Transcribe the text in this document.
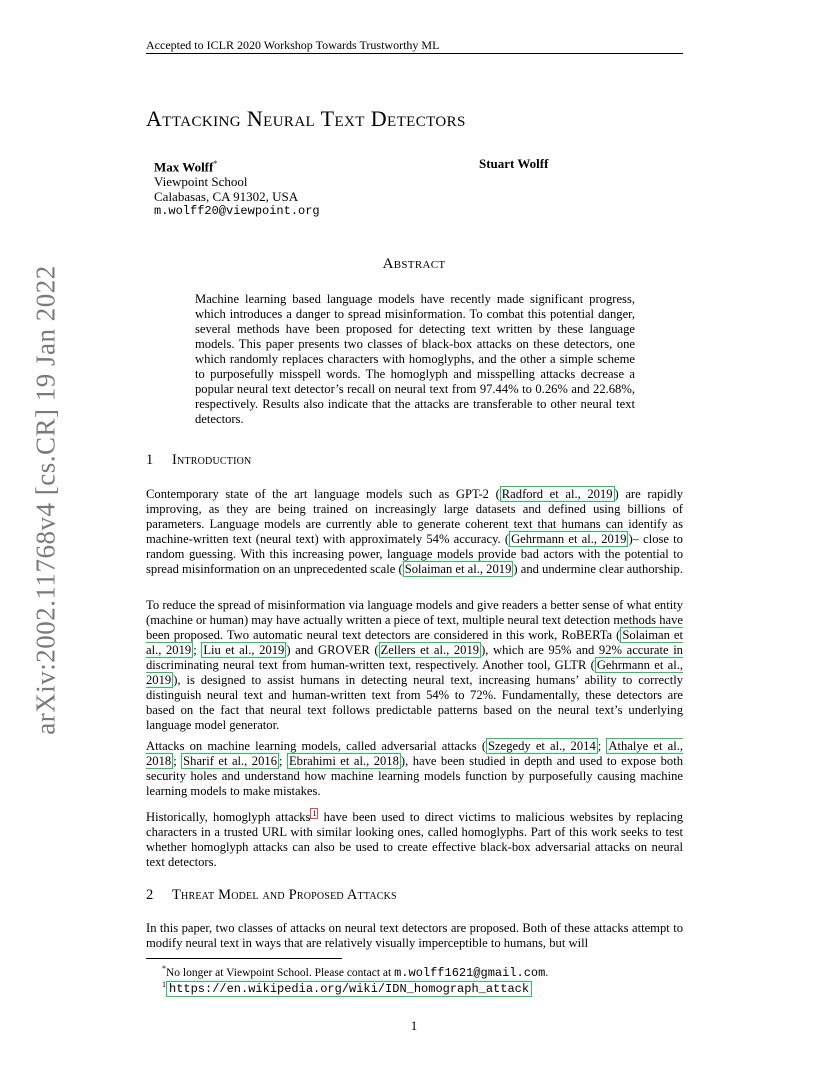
Accepted to ICLR 2020 Workshop Towards Trustworthy ML
arXiv:2002.11768v4 [cs.CR] 19 Jan 2022
Attacking Neural Text Detectors
Max Wolff*
Viewpoint School
Calabasas, CA 91302, USA
m.wolff20@viewpoint.org
Stuart Wolff
Abstract
Machine learning based language models have recently made significant progress, which introduces a danger to spread misinformation. To combat this potential danger, several methods have been proposed for detecting text written by these language models. This paper presents two classes of black-box attacks on these detectors, one which randomly replaces characters with homoglyphs, and the other a simple scheme to purposefully misspell words. The homoglyph and misspelling attacks decrease a popular neural text detector’s recall on neural text from 97.44% to 0.26% and 22.68%, respectively. Results also indicate that the attacks are transferable to other neural text detectors.
1 Introduction

Contemporary state of the art language models such as GPT-2 ( Radford et al., 2019 ) are rapidly improving, as they are being trained on increasingly large datasets and defined using billions of parameters. Language models are currently able to generate coherent text that humans can identify as machine-written text (neural text) with approximately 54% accuracy. ( Gehrmann et al., 2019 )– close to random guessing. With this increasing power, language models provide bad actors with the potential to spread misinformation on an unprecedented scale ( Solaiman et al., 2019 ) and undermine clear authorship.

To reduce the spread of misinformation via language models and give readers a better sense of what entity (machine or human) may have actually written a piece of text, multiple neural text detection methods have been proposed. Two automatic neural text detectors are considered in this work, RoBERTa ( Solaiman et al., 2019 ; Liu et al., 2019 ) and GROVER ( Zellers et al., 2019 ), which are 95% and 92% accurate in discriminating neural text from human-written text, respectively. Another tool, GLTR ( Gehrmann et al., 2019 ), is designed to assist humans in detecting neural text, increasing humans’ ability to correctly distinguish neural text and human-written text from 54% to 72%. Fundamentally, these detectors are based on the fact that neural text follows predictable patterns based on the neural text’s underlying language model generator.

Attacks on machine learning models, called adversarial attacks ( Szegedy et al., 2014 ; Athalye et al., 2018 ; Sharif et al., 2016 ; Ebrahimi et al., 2018 ), have been studied in depth and used to expose both security holes and understand how machine learning models function by purposefully causing machine learning models to make mistakes.

Historically, homoglyph attacks $^1$ have been used to direct victims to malicious websites by replacing characters in a trusted URL with similar looking ones, called homoglyphs. Part of this work seeks to test whether homoglyph attacks can also be used to create effective black-box adversarial attacks on neural text detectors.

2 Threat Model and Proposed Attacks

In this paper, two classes of attacks on neural text detectors are proposed. Both of these attacks attempt to modify neural text in ways that are relatively visually imperceptible to humans, but will

*No longer at Viewpoint School. Please contact at m.wolff1621@gmail.com.
$^1$ https://en.wikipedia.org/wiki/IDN_homograph_attack
1
